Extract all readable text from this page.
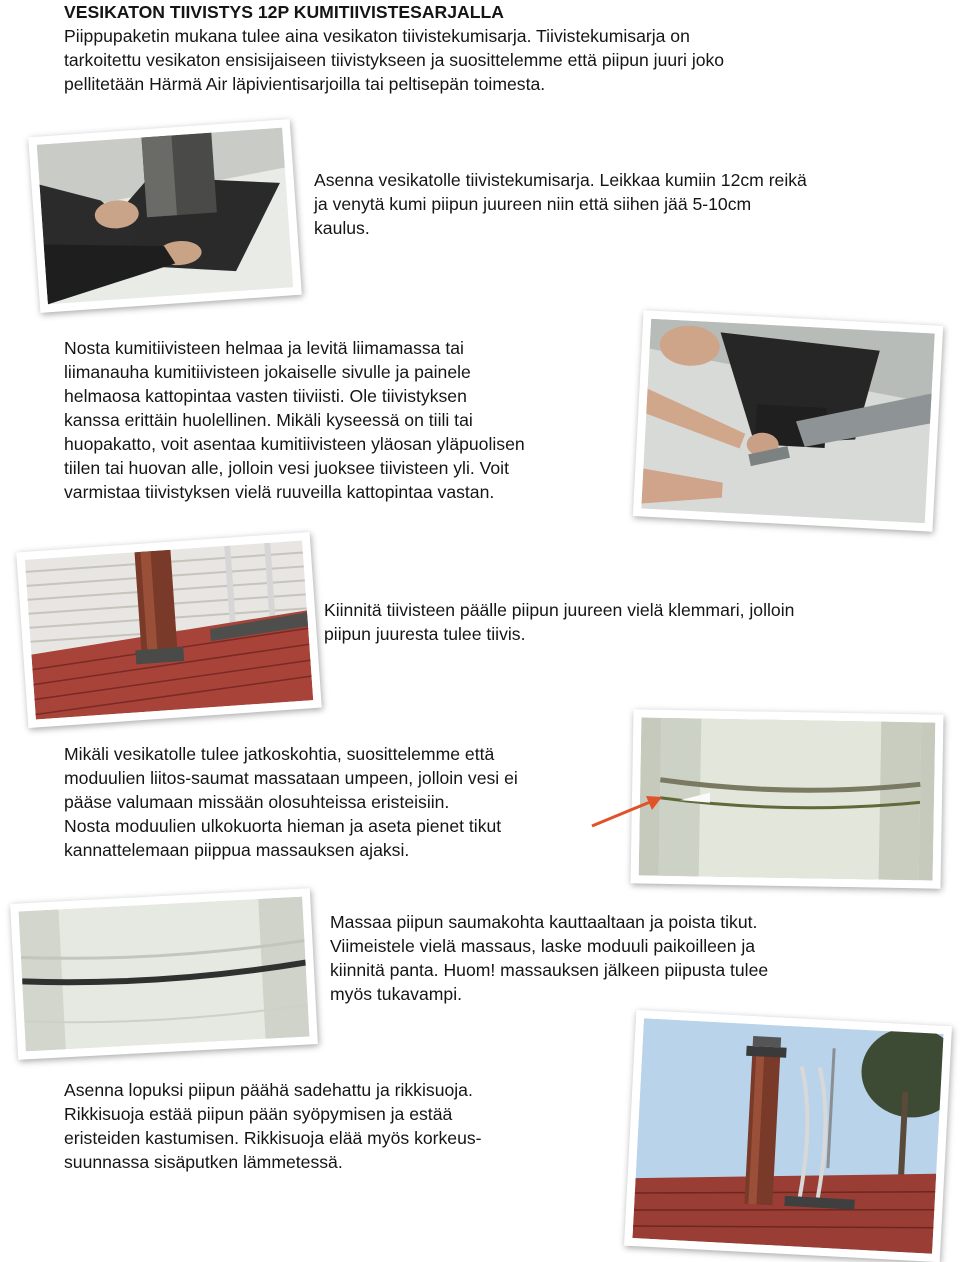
VESIKATON TIIVISTYS 12P KUMITIIVISTESARJALLA

Piippupaketin mukana tulee aina vesikaton tiivistekumisarja. Tiivistekumisarja on

tarkoitettu vesikaton ensisijaiseen tiivistykseen ja suosittelemme että piipun juuri joko

pellitetään Härmä Air läpivientisarjoilla tai peltisepän toimesta.

Asenna vesikatolle tiivistekumisarja. Leikkaa kumiin 12cm reikä

ja venytä kumi piipun juureen niin että siihen jää 5-10cm

kaulus.

Nosta kumitiivisteen helmaa ja levitä liimamassa tai

liimanauha kumitiivisteen jokaiselle sivulle ja painele

helmaosa kattopintaa vasten tiiviisti. Ole tiivistyksen

kanssa erittäin huolellinen. Mikäli kyseessä on tiili tai

huopakatto, voit asentaa kumitiivisteen yläosan yläpuolisen

tiilen tai huovan alle, jolloin vesi juoksee tiivisteen yli. Voit

varmistaa tiivistyksen vielä ruuveilla kattopintaa vastan.

Kiinnitä tiivisteen päälle piipun juureen vielä klemmari, jolloin

piipun juuresta tulee tiivis.

Mikäli vesikatolle tulee jatkoskohtia, suosittelemme että

moduulien liitos-saumat massataan umpeen, jolloin vesi ei

pääse valumaan missään olosuhteissa eristeisiin.

Nosta moduulien ulkokuorta hieman ja aseta pienet tikut

kannattelemaan piippua massauksen ajaksi.

Massaa piipun saumakohta kauttaaltaan ja poista tikut.

Viimeistele vielä massaus, laske moduuli paikoilleen ja

kiinnitä panta. Huom! massauksen jälkeen piipusta tulee

myös tukavampi.

Asenna lopuksi piipun päähä sadehattu ja rikkisuoja.

Rikkisuoja estää piipun pään syöpymisen ja estää

eristeiden kastumisen. Rikkisuoja elää myös korkeus-

suunnassa sisäputken lämmetessä.
